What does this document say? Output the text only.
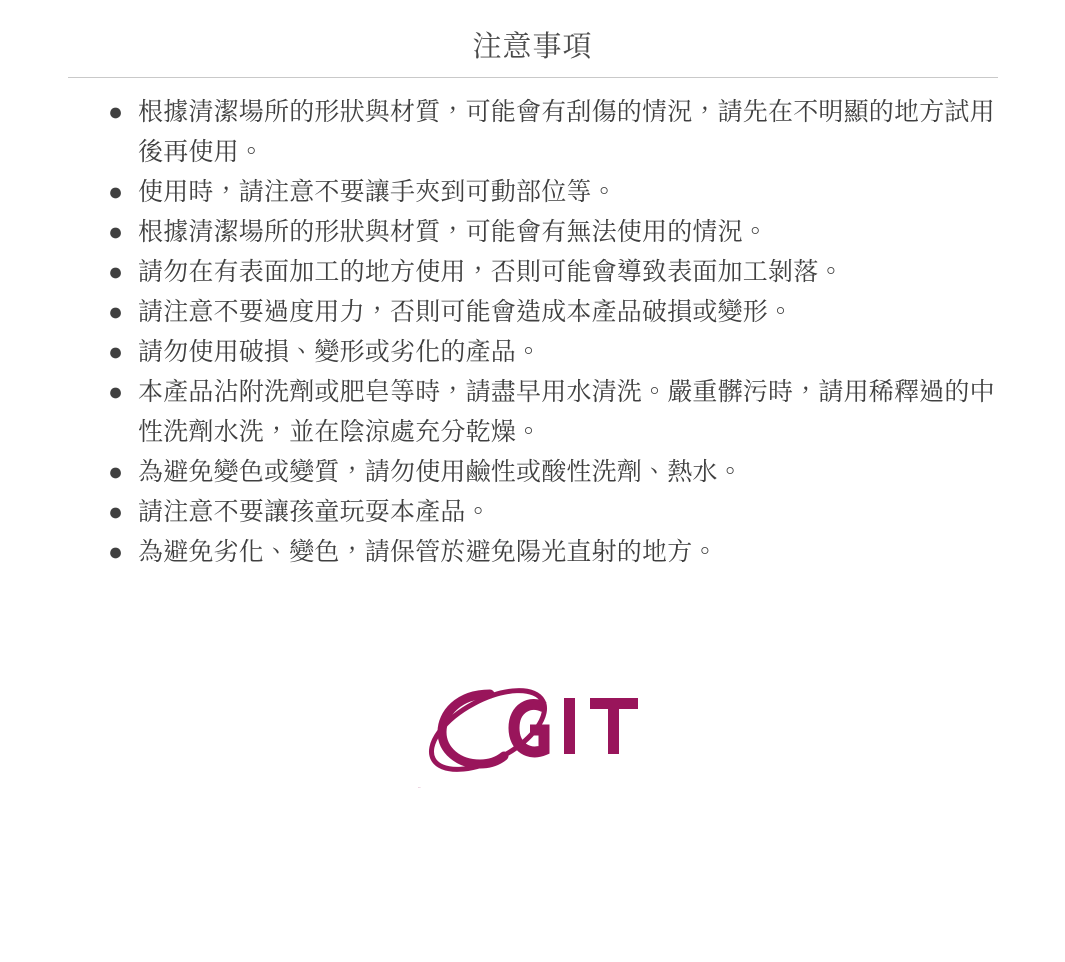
注意事項
● 根據清潔場所的形狀與材質，可能會有刮傷的情況，請先在不明顯的地方試用後再使用。
● 使用時，請注意不要讓手夾到可動部位等。
● 根據清潔場所的形狀與材質，可能會有無法使用的情況。
● 請勿在有表面加工的地方使用，否則可能會導致表面加工剝落。
● 請注意不要過度用力，否則可能會造成本產品破損或變形。
● 請勿使用破損、變形或劣化的產品。
● 本產品沾附洗劑或肥皂等時，請盡早用水清洗。嚴重髒污時，請用稀釋過的中性洗劑水洗，並在陰涼處充分乾燥。
● 為避免變色或變質，請勿使用鹼性或酸性洗劑、熱水。
● 請注意不要讓孩童玩耍本產品。
● 為避免劣化、變色，請保管於避免陽光直射的地方。
OGIT
